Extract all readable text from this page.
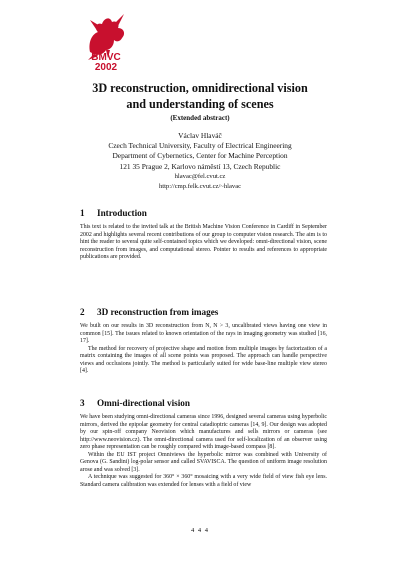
BMVC
2002
3D reconstruction, omnidirectional vision
and understanding of scenes
(Extended abstract)
Václav Hlaváč
Czech Technical University, Faculty of Electrical Engineering
Department of Cybernetics, Center for Machine Perception
121 35 Prague 2, Karlovo náměstí 13, Czech Republic
hlavac@fel.cvut.cz
http://cmp.felk.cvut.cz/~hlavac

1 Introduction

This text is related to the invited talk at the British Machine Vision Conference in Cardiff in September 2002 and highlights several recent contributions of our group to computer vision research. The aim is to hint the reader to several quite self-contained topics which we developed: omni-directional vision, scene reconstruction from images, and computational stereo. Pointer to results and references to appropriate publications are provided.

2 3D reconstruction from images

We built on our results in 3D reconstruction from N, N > 3, uncalibrated views having one view in common [15]. The issues related to known orientation of the rays in imaging geometry was studied [16, 17].

The method for recovery of projective shape and motion from multiple images by factorization of a matrix containing the images of all scene points was proposed. The approach can handle perspective views and occlusions jointly. The method is particularly suited for wide base-line multiple view stereo [4].

3 Omni-directional vision

We have been studying omni-directional cameras since 1996, designed several cameras using hyperbolic mirrors, derived the epipolar geometry for central catadioptric cameras [14, 9]. Our design was adopted by our spin-off company Neovision which manufactures and sells mirrors or cameras (see http://www.neovision.cz). The omni-directional camera used for self-localization of an observer using zero phase representation can be roughly compared with image-based compass [8].

Within the EU IST project Omniviews the hyperbolic mirror was combined with University of Genova (G. Sandini) log-polar sensor and called SVAVISCA. The question of uniform image resolution arose and was solved [3].

A technique was suggested for 360° × 360° mosaicing with a very wide field of view fish eye lens. Standard camera calibration was extended for lenses with a field of view

4 4 4
